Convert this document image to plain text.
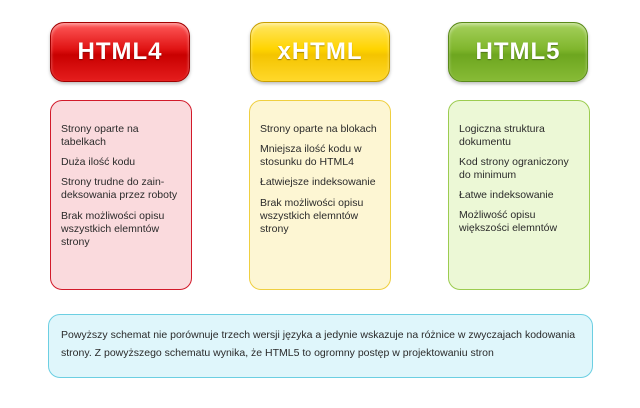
HTML4	xHTML	HTML5
Strony oparte na tabelkach
Duża ilość kodu
Strony trudne do zain-deksowania przez roboty
Brak możliwości opisu wszystkich elemntów strony
Strony oparte na blokach
Mniejsza ilość kodu w stosunku do HTML4
Łatwiejsze indeksowanie
Brak możliwości opisu wszystkich elemntów strony
Logiczna struktura dokumentu
Kod strony ograniczony do minimum
Łatwe indeksowanie
Możliwość opisu większości elemntów
Powyższy schemat nie porównuje trzech wersji języka a jedynie wskazuje na różnice w zwyczajach kodowania strony. Z powyższego schematu wynika, że HTML5 to ogromny postęp w projektowaniu stron
